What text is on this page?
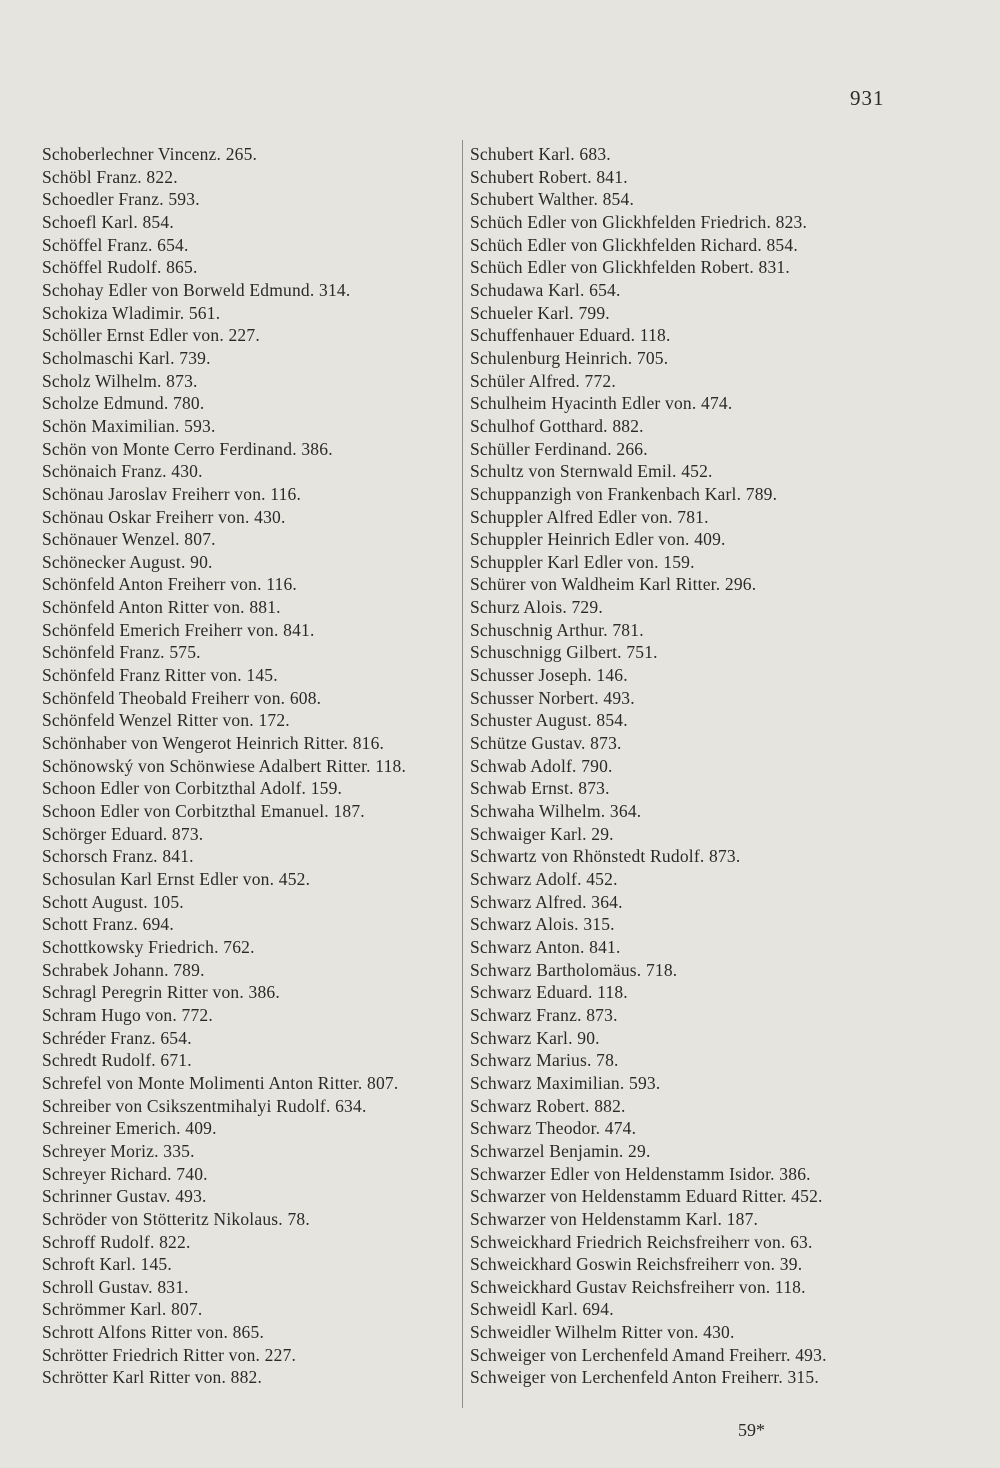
931
Schoberlechner Vincenz. 265.
Schöbl Franz. 822.
Schoedler Franz. 593.
Schoefl Karl. 854.
Schöffel Franz. 654.
Schöffel Rudolf. 865.
Schohay Edler von Borweld Edmund. 314.
Schokiza Wladimir. 561.
Schöller Ernst Edler von. 227.
Scholmaschi Karl. 739.
Scholz Wilhelm. 873.
Scholze Edmund. 780.
Schön Maximilian. 593.
Schön von Monte Cerro Ferdinand. 386.
Schönaich Franz. 430.
Schönau Jaroslav Freiherr von. 116.
Schönau Oskar Freiherr von. 430.
Schönauer Wenzel. 807.
Schönecker August. 90.
Schönfeld Anton Freiherr von. 116.
Schönfeld Anton Ritter von. 881.
Schönfeld Emerich Freiherr von. 841.
Schönfeld Franz. 575.
Schönfeld Franz Ritter von. 145.
Schönfeld Theobald Freiherr von. 608.
Schönfeld Wenzel Ritter von. 172.
Schönhaber von Wengerot Heinrich Ritter. 816.
Schönowský von Schönwiese Adalbert Ritter. 118.
Schoon Edler von Corbitzthal Adolf. 159.
Schoon Edler von Corbitzthal Emanuel. 187.
Schörger Eduard. 873.
Schorsch Franz. 841.
Schosulan Karl Ernst Edler von. 452.
Schott August. 105.
Schott Franz. 694.
Schottkowsky Friedrich. 762.
Schrabek Johann. 789.
Schragl Peregrin Ritter von. 386.
Schram Hugo von. 772.
Schréder Franz. 654.
Schredt Rudolf. 671.
Schrefel von Monte Molimenti Anton Ritter. 807.
Schreiber von Csikszentmihalyi Rudolf. 634.
Schreiner Emerich. 409.
Schreyer Moriz. 335.
Schreyer Richard. 740.
Schrinner Gustav. 493.
Schröder von Stötteritz Nikolaus. 78.
Schroff Rudolf. 822.
Schroft Karl. 145.
Schroll Gustav. 831.
Schrömmer Karl. 807.
Schrott Alfons Ritter von. 865.
Schrötter Friedrich Ritter von. 227.
Schrötter Karl Ritter von. 882.
Schubert Karl. 683.
Schubert Robert. 841.
Schubert Walther. 854.
Schüch Edler von Glickhfelden Friedrich. 823.
Schüch Edler von Glickhfelden Richard. 854.
Schüch Edler von Glickhfelden Robert. 831.
Schudawa Karl. 654.
Schueler Karl. 799.
Schuffenhauer Eduard. 118.
Schulenburg Heinrich. 705.
Schüler Alfred. 772.
Schulheim Hyacinth Edler von. 474.
Schulhof Gotthard. 882.
Schüller Ferdinand. 266.
Schultz von Sternwald Emil. 452.
Schuppanzigh von Frankenbach Karl. 789.
Schuppler Alfred Edler von. 781.
Schuppler Heinrich Edler von. 409.
Schuppler Karl Edler von. 159.
Schürer von Waldheim Karl Ritter. 296.
Schurz Alois. 729.
Schuschnig Arthur. 781.
Schuschnigg Gilbert. 751.
Schusser Joseph. 146.
Schusser Norbert. 493.
Schuster August. 854.
Schütze Gustav. 873.
Schwab Adolf. 790.
Schwab Ernst. 873.
Schwaha Wilhelm. 364.
Schwaiger Karl. 29.
Schwartz von Rhönstedt Rudolf. 873.
Schwarz Adolf. 452.
Schwarz Alfred. 364.
Schwarz Alois. 315.
Schwarz Anton. 841.
Schwarz Bartholomäus. 718.
Schwarz Eduard. 118.
Schwarz Franz. 873.
Schwarz Karl. 90.
Schwarz Marius. 78.
Schwarz Maximilian. 593.
Schwarz Robert. 882.
Schwarz Theodor. 474.
Schwarzel Benjamin. 29.
Schwarzer Edler von Heldenstamm Isidor. 386.
Schwarzer von Heldenstamm Eduard Ritter. 452.
Schwarzer von Heldenstamm Karl. 187.
Schweickhard Friedrich Reichsfreiherr von. 63.
Schweickhard Goswin Reichsfreiherr von. 39.
Schweickhard Gustav Reichsfreiherr von. 118.
Schweidl Karl. 694.
Schweidler Wilhelm Ritter von. 430.
Schweiger von Lerchenfeld Amand Freiherr. 493.
Schweiger von Lerchenfeld Anton Freiherr. 315.
59*
